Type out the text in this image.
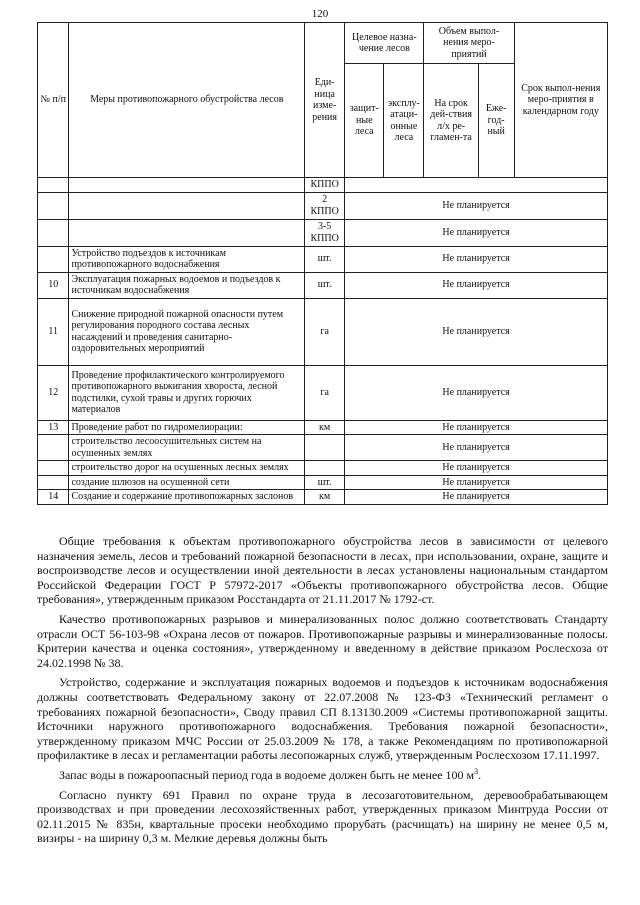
120
№ п/п	Меры противопожарного обустройства лесов	Еди-ница изме-рения	Целевое назна-чение лесов		Объем выпол-нения меро-приятий		Срок выпол-нения меро-приятия в календарном году
			защит-ные леса	эксплу-атаци-онные леса	На срок дей-ствия л/х ре-гламен-та	Еже-год-ный	
		КППО					
		2 КППО	Не планируется				
		3-5 КППО	Не планируется				
	Устройство подъездов к источникам противопожарного водоснабжения	шт.	Не планируется				
10	Эксплуатация пожарных водоемов и подъездов к источникам водоснабжения	шт.	Не планируется				
11	Снижение природной пожарной опасности путем регулирования породного состава лесных насаждений и проведения санитарно-оздоровительных мероприятий	га	Не планируется				
12	Проведение профилактического контролируемого противопожарного выжигания хвороста, лесной подстилки, сухой травы и других горючих материалов	га	Не планируется				
13	Проведение работ по гидромелиорации:	км	Не планируется				
	строительство лесоосушительных систем на осушенных землях		Не планируется				
	строительство дорог на осушенных лесных землях		Не планируется				
	создание шлюзов на осушенной сети	шт.	Не планируется				
14	Создание и содержание противопожарных заслонов	км	Не планируется				

Общие требования к объектам противопожарного обустройства лесов в зависимости от целевого назначения земель, лесов и требований пожарной безопасности в лесах, при использовании, охране, защите и воспроизводстве лесов и осуществлении иной деятельности в лесах установлены национальным стандартом Российской Федерации ГОСТ Р 57972-2017 «Объекты противопожарного обустройства лесов. Общие требования», утвержденным приказом Росстандарта от 21.11.2017 № 1792-ст.

Качество противопожарных разрывов и минерализованных полос должно соответствовать Стандарту отрасли ОСТ 56-103-98 «Охрана лесов от пожаров. Противопожарные разрывы и минерализованные полосы. Критерии качества и оценка состояния», утвержденному и введенному в действие приказом Рослесхоза от 24.02.1998 № 38.

Устройство, содержание и эксплуатация пожарных водоемов и подъездов к источникам водоснабжения должны соответствовать Федеральному закону от 22.07.2008 № 123-ФЗ «Технический регламент о требованиях пожарной безопасности», Своду правил СП 8.13130.2009 «Системы противопожарной защиты. Источники наружного противопожарного водоснабжения. Требования пожарной безопасности», утвержденному приказом МЧС России от 25.03.2009 № 178, а также Рекомендациям по противопожарной профилактике в лесах и регламентации работы лесопожарных служб, утвержденным Рослесхозом 17.11.1997.

Запас воды в пожароопасный период года в водоеме должен быть не менее 100 $м^3$.

Согласно пункту 691 Правил по охране труда в лесозаготовительном, деревообрабатывающем производствах и при проведении лесохозяйственных работ, утвержденных приказом Минтруда России от 02.11.2015 № 835н, квартальные просеки необходимо прорубать (расчищать) на ширину не менее 0,5 м, визиры - на ширину 0,3 м. Мелкие деревья должны быть
